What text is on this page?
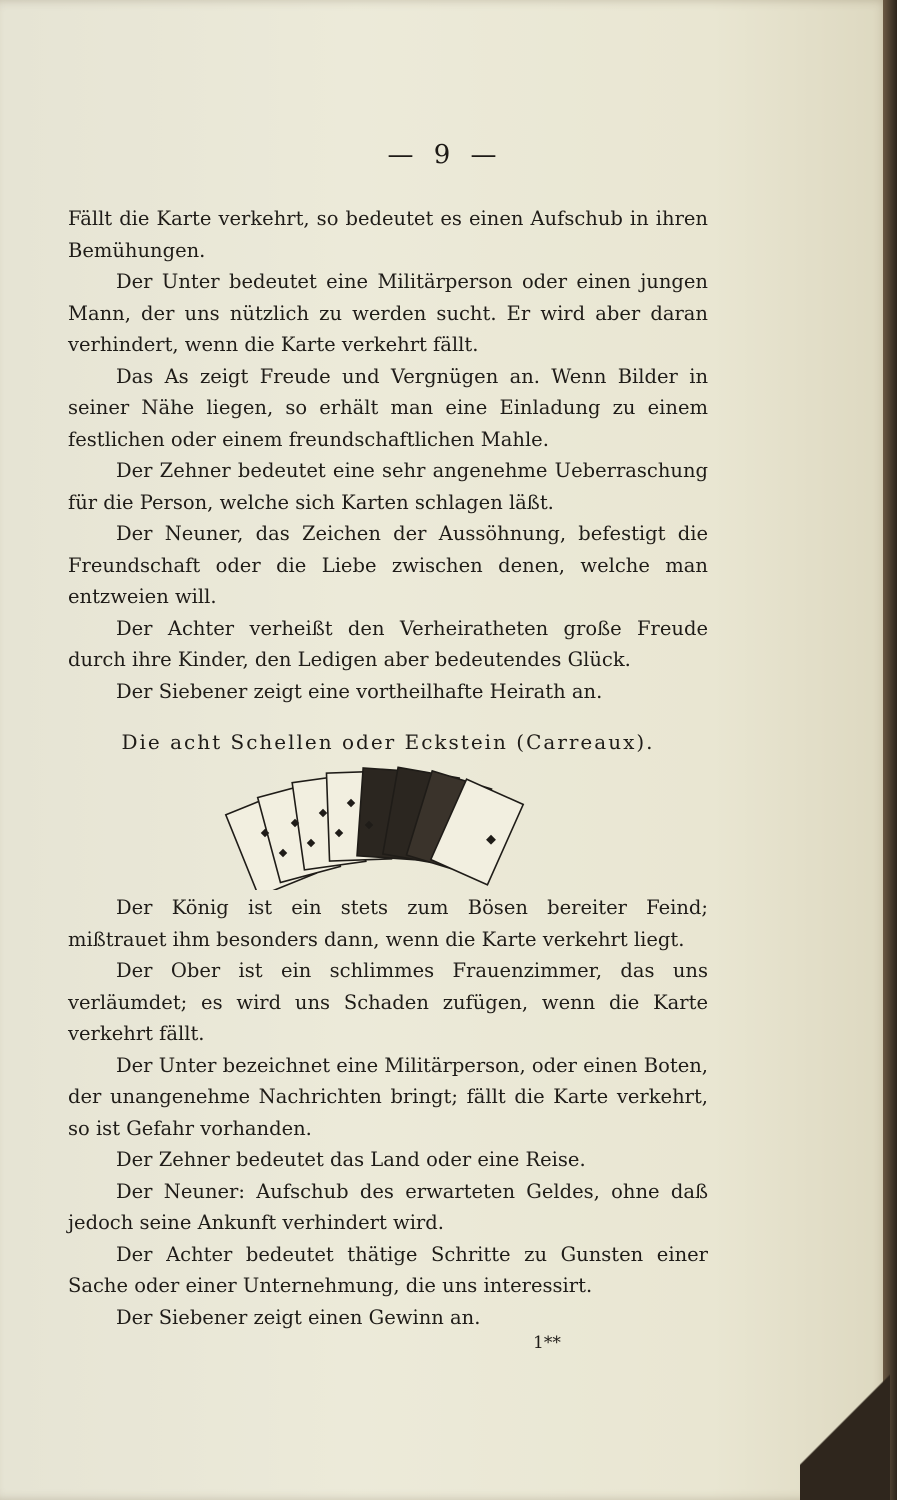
— 9 —

Fällt die Karte verkehrt, so bedeutet es einen Aufschub in ihren Bemühungen.

Der Unter bedeutet eine Militärperson oder einen jungen Mann, der uns nützlich zu werden sucht. Er wird aber daran verhindert, wenn die Karte verkehrt fällt.

Das As zeigt Freude und Vergnügen an. Wenn Bilder in seiner Nähe liegen, so erhält man eine Einladung zu einem festlichen oder einem freundschaftlichen Mahle.

Der Zehner bedeutet eine sehr angenehme Ueberraschung für die Person, welche sich Karten schlagen läßt.

Der Neuner, das Zeichen der Aussöhnung, befestigt die Freundschaft oder die Liebe zwischen denen, welche man entzweien will.

Der Achter verheißt den Verheiratheten große Freude durch ihre Kinder, den Ledigen aber bedeutendes Glück.

Der Siebener zeigt eine vortheilhafte Heirath an.

Die acht Schellen oder Eckstein (Carreaux).

Der König ist ein stets zum Bösen bereiter Feind; mißtrauet ihm besonders dann, wenn die Karte verkehrt liegt.

Der Ober ist ein schlimmes Frauenzimmer, das uns verläumdet; es wird uns Schaden zufügen, wenn die Karte verkehrt fällt.

Der Unter bezeichnet eine Militärperson, oder einen Boten, der unangenehme Nachrichten bringt; fällt die Karte verkehrt, so ist Gefahr vorhanden.

Der Zehner bedeutet das Land oder eine Reise.

Der Neuner: Aufschub des erwarteten Geldes, ohne daß jedoch seine Ankunft verhindert wird.

Der Achter bedeutet thätige Schritte zu Gunsten einer Sache oder einer Unternehmung, die uns interessirt.

Der Siebener zeigt einen Gewinn an.

1**
